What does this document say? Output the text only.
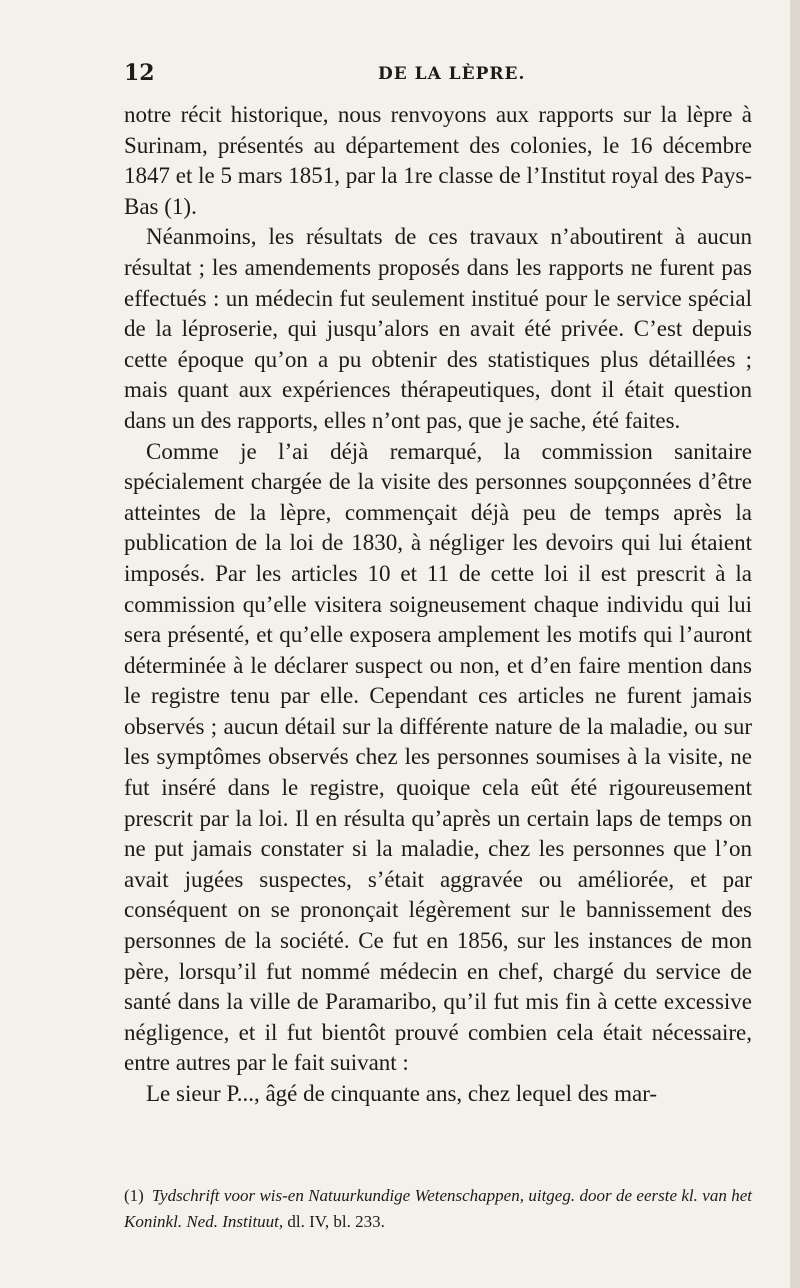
12	DE LA LÈPRE.

notre récit historique, nous renvoyons aux rapports sur la lèpre à Surinam, présentés au département des colonies, le 16 décembre 1847 et le 5 mars 1851, par la 1re classe de l’Institut royal des Pays-Bas (1).

Néanmoins, les résultats de ces travaux n’aboutirent à aucun résultat ; les amendements proposés dans les rapports ne furent pas effectués : un médecin fut seulement institué pour le service spécial de la léproserie, qui jusqu’alors en avait été privée. C’est depuis cette époque qu’on a pu obtenir des statistiques plus détaillées ; mais quant aux expériences thérapeutiques, dont il était question dans un des rapports, elles n’ont pas, que je sache, été faites.

Comme je l’ai déjà remarqué, la commission sanitaire spécialement chargée de la visite des personnes soupçonnées d’être atteintes de la lèpre, commençait déjà peu de temps après la publication de la loi de 1830, à négliger les devoirs qui lui étaient imposés. Par les articles 10 et 11 de cette loi il est prescrit à la commission qu’elle visitera soigneusement chaque individu qui lui sera présenté, et qu’elle exposera amplement les motifs qui l’auront déterminée à le déclarer suspect ou non, et d’en faire mention dans le registre tenu par elle. Cependant ces articles ne furent jamais observés ; aucun détail sur la différente nature de la maladie, ou sur les symptômes observés chez les personnes soumises à la visite, ne fut inséré dans le registre, quoique cela eût été rigoureusement prescrit par la loi. Il en résulta qu’après un certain laps de temps on ne put jamais constater si la maladie, chez les personnes que l’on avait jugées suspectes, s’était aggravée ou améliorée, et par conséquent on se prononçait légèrement sur le bannissement des personnes de la société. Ce fut en 1856, sur les instances de mon père, lorsqu’il fut nommé médecin en chef, chargé du service de santé dans la ville de Paramaribo, qu’il fut mis fin à cette excessive négligence, et il fut bientôt prouvé combien cela était nécessaire, entre autres par le fait suivant :

Le sieur P..., âgé de cinquante ans, chez lequel des mar-

(1) Tydschrift voor wis-en Natuurkundige Wetenschappen, uitgeg. door de eerste kl. van het Koninkl. Ned. Instituut, dl. IV, bl. 233.
